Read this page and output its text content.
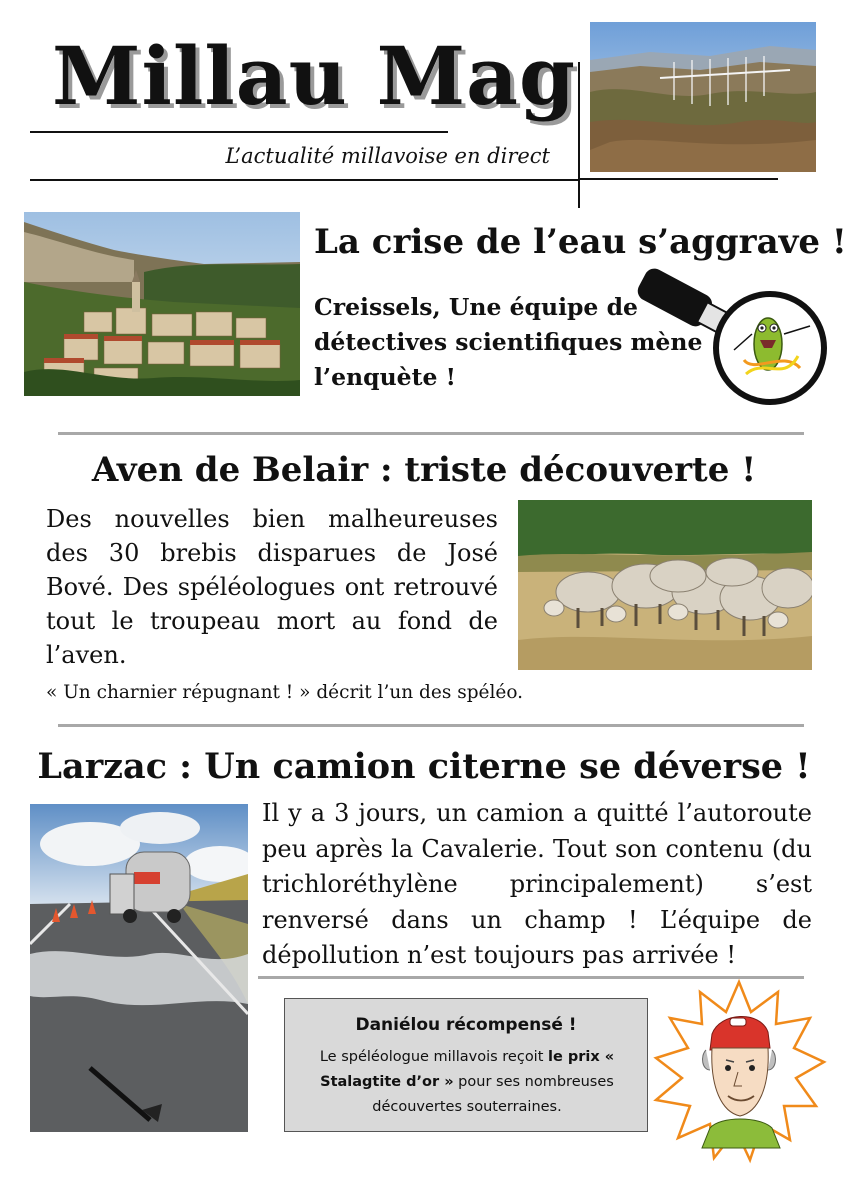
Millau Mag
L’actualité millavoise en direct
La crise de l’eau s’aggrave !
Creissels, Une équipe de détectives scientifiques mène l’enquète !
Aven de Belair : triste découverte !
Des nouvelles bien malheureuses des 30 brebis disparues de José Bové. Des spéléologues ont retrouvé tout le troupeau mort au fond de l’aven.
« Un charnier répugnant ! » décrit l’un des spéléo.
Larzac : Un camion citerne se déverse !
Il y a 3 jours, un camion a quitté l’autoroute peu après la Cavalerie. Tout son contenu (du trichloréthylène principalement) s’est renversé dans un champ ! L’équipe de dépollution n’est toujours pas arrivée !
Daniélou récompensé !
Le spéléologue millavois reçoit le prix « Stalagtite d’or » pour ses nombreuses découvertes souterraines.
